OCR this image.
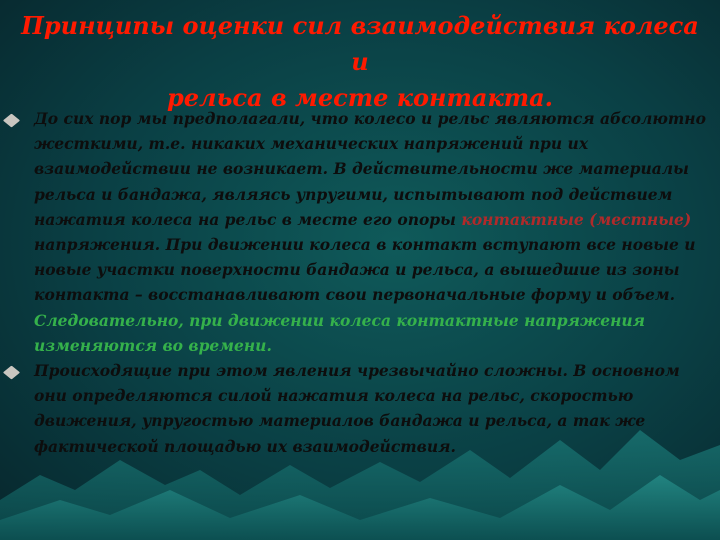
Принципы оценки сил взаимодействия колеса и
рельса в месте контакта.

До сих пор мы предполагали, что колесо и рельс являются абсолютно жесткими, т.е. никаких механических напряжений при их взаимодействии не возникает. В действительности же материалы рельса и бандажа, являясь упругими, испытывают под действием нажатия колеса на рельс в месте его опоры контактные (местные) напряжения. При движении колеса в контакт вступают все новые и новые участки поверхности бандажа и рельса, а вышедшие из зоны контакта – восстанавливают свои первоначальные форму и объем. Следовательно, при движении колеса контактные напряжения изменяются во времени.

Происходящие при этом явления чрезвычайно сложны. В основном они определяются силой нажатия колеса на рельс, скоростью движения, упругостью материалов бандажа и рельса, а так же фактической площадью их взаимодействия.
